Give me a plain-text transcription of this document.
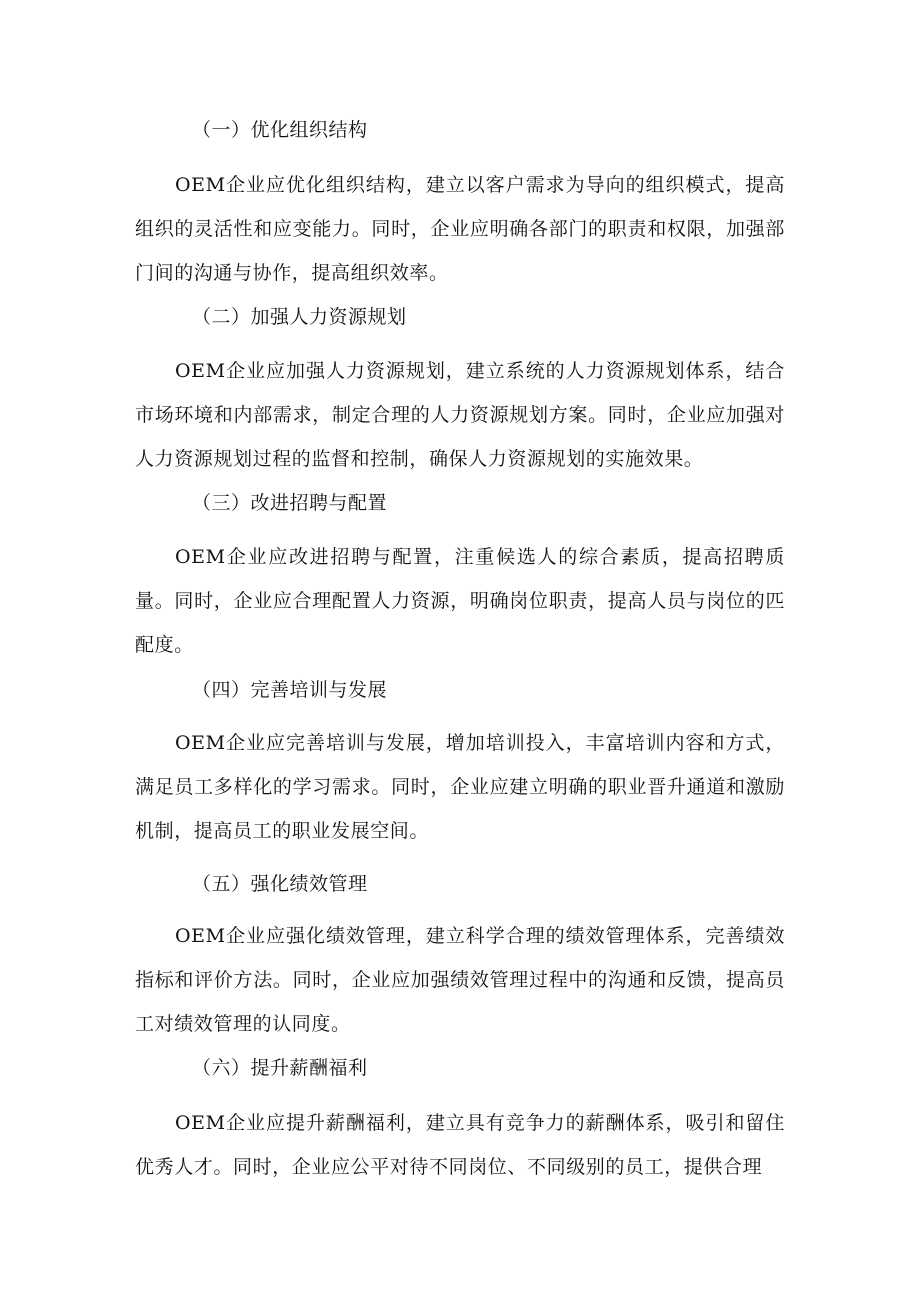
（一）优化组织结构
OEM企业应优化组织结构，建立以客户需求为导向的组织模式，提高组织的灵活性和应变能力。同时，企业应明确各部门的职责和权限，加强部门间的沟通与协作，提高组织效率。
（二）加强人力资源规划
OEM企业应加强人力资源规划，建立系统的人力资源规划体系，结合市场环境和内部需求，制定合理的人力资源规划方案。同时，企业应加强对人力资源规划过程的监督和控制，确保人力资源规划的实施效果。
（三）改进招聘与配置
OEM企业应改进招聘与配置，注重候选人的综合素质，提高招聘质量。同时，企业应合理配置人力资源，明确岗位职责，提高人员与岗位的匹配度。
（四）完善培训与发展
OEM企业应完善培训与发展，增加培训投入，丰富培训内容和方式，满足员工多样化的学习需求。同时，企业应建立明确的职业晋升通道和激励机制，提高员工的职业发展空间。
（五）强化绩效管理
OEM企业应强化绩效管理，建立科学合理的绩效管理体系，完善绩效指标和评价方法。同时，企业应加强绩效管理过程中的沟通和反馈，提高员工对绩效管理的认同度。
（六）提升薪酬福利
OEM企业应提升薪酬福利，建立具有竞争力的薪酬体系，吸引和留住优秀人才。同时，企业应公平对待不同岗位、不同级别的员工，提供合理
